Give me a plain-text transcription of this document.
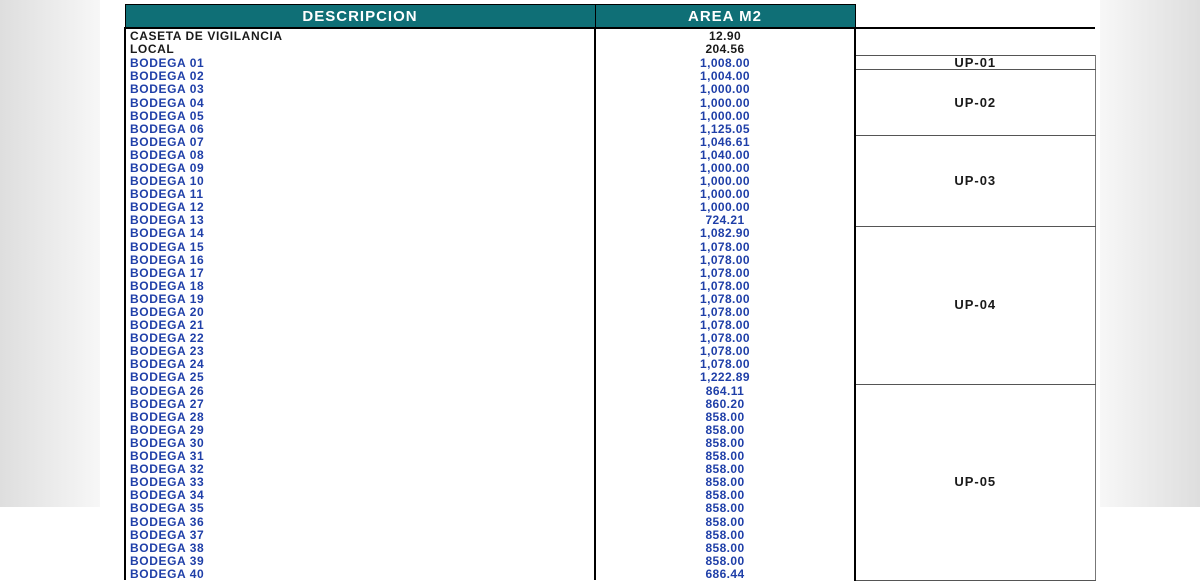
DESCRIPCION	AREA M2	
CASETA DE VIGILANCIA	12.90	
LOCAL	204.56	
BODEGA 01	1,008.00	UP-01
BODEGA 02	1,004.00	UP-02
BODEGA 03	1,000.00	
BODEGA 04	1,000.00	
BODEGA 05	1,000.00	
BODEGA 06	1,125.05	
BODEGA 07	1,046.61	UP-03
BODEGA 08	1,040.00	
BODEGA 09	1,000.00	
BODEGA 10	1,000.00	
BODEGA 11	1,000.00	
BODEGA 12	1,000.00	
BODEGA 13	724.21	
BODEGA 14	1,082.90	UP-04
BODEGA 15	1,078.00	
BODEGA 16	1,078.00	
BODEGA 17	1,078.00	
BODEGA 18	1,078.00	
BODEGA 19	1,078.00	
BODEGA 20	1,078.00	
BODEGA 21	1,078.00	
BODEGA 22	1,078.00	
BODEGA 23	1,078.00	
BODEGA 24	1,078.00	
BODEGA 25	1,222.89	
BODEGA 26	864.11	UP-05
BODEGA 27	860.20	
BODEGA 28	858.00	
BODEGA 29	858.00	
BODEGA 30	858.00	
BODEGA 31	858.00	
BODEGA 32	858.00	
BODEGA 33	858.00	
BODEGA 34	858.00	
BODEGA 35	858.00	
BODEGA 36	858.00	
BODEGA 37	858.00	
BODEGA 38	858.00	
BODEGA 39	858.00	
BODEGA 40	686.44	
